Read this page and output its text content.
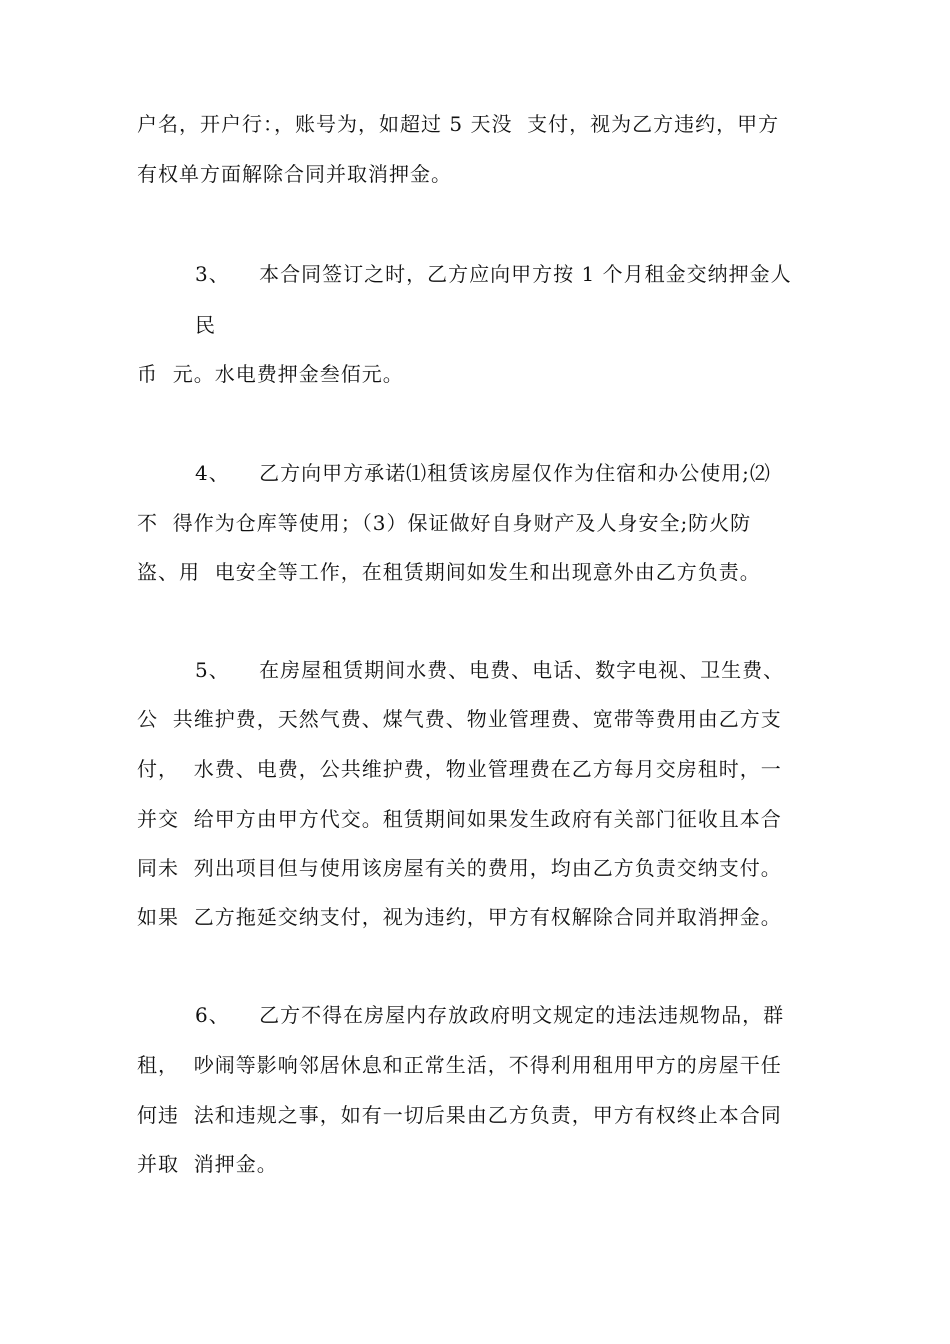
户名，开户行：，账号为，如超过 5 天没  支付，视为乙方违约，甲方
有权单方面解除合同并取消押金。
3、    本合同签订之时，乙方应向甲方按 1 个月租金交纳押金人
民
币  元。水电费押金叁佰元。
4、    乙方向甲方承诺⑴租赁该房屋仅作为住宿和办公使用;⑵
不  得作为仓库等使用；（3）保证做好自身财产及人身安全;防火防
盗、用  电安全等工作，在租赁期间如发生和出现意外由乙方负责。
5、    在房屋租赁期间水费、电费、电话、数字电视、卫生费、
公  共维护费，天然气费、煤气费、物业管理费、宽带等费用由乙方支
付，  水费、电费，公共维护费，物业管理费在乙方每月交房租时，一
并交  给甲方由甲方代交。租赁期间如果发生政府有关部门征收且本合
同未  列出项目但与使用该房屋有关的费用，均由乙方负责交纳支付。
如果  乙方拖延交纳支付，视为违约，甲方有权解除合同并取消押金。
6、    乙方不得在房屋内存放政府明文规定的违法违规物品，群
租，  吵闹等影响邻居休息和正常生活，不得利用租用甲方的房屋干任
何违  法和违规之事，如有一切后果由乙方负责，甲方有权终止本合同
并取  消押金。
